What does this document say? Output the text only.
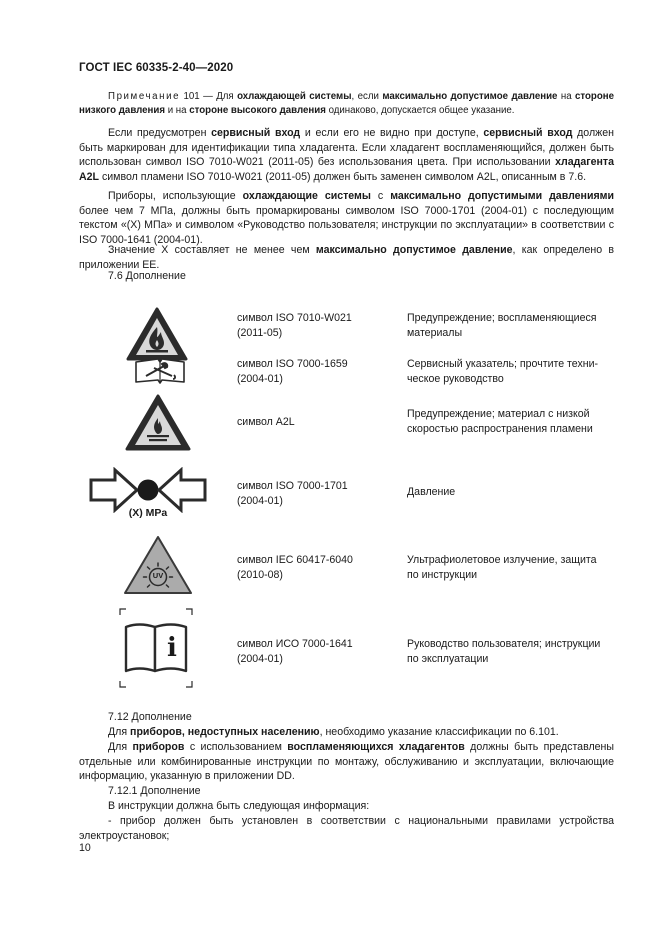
ГОСТ IEC 60335-2-40—2020

Примечание 101 — Для охлаждающей системы, если максимально допустимое давление на стороне низкого давления и на стороне высокого давления одинаково, допускается общее указание.

Если предусмотрен сервисный вход и если его не видно при доступе, сервисный вход должен быть маркирован для идентификации типа хладагента. Если хладагент воспламеняющийся, должен быть использован символ ISO 7010-W021 (2011-05) без использования цвета. При использовании хладагента A2L символ пламени ISO 7010-W021 (2011-05) должен быть заменен символом A2L, описанным в 7.6.

Приборы, использующие охлаждающие системы с максимально допустимыми давлениями более чем 7 МПа, должны быть промаркированы символом ISO 7000-1701 (2004-01) с последующим текстом «(X) МПа» и символом «Руководство пользователя; инструкции по эксплуатации» в соответствии с ISO 7000-1641 (2004-01).

Значение X составляет не менее чем максимально допустимое давление, как определено в приложении ЕЕ.

7.6 Дополнение

символ ISO 7010-W021
(2011-05)
Предупреждение; воспламеняющиеся
материалы
символ ISO 7000-1659
(2004-01)
Сервисный указатель; прочтите техни-
ческое руководство
символ A2L
Предупреждение; материал с низкой
скоростью распространения пламени
(X) MPa
символ ISO 7000-1701
(2004-01)
Давление
UV
символ IEC 60417-6040
(2010-08)
Ультрафиолетовое излучение, защита
по инструкции
i	символ ИСО 7000-1641
(2004-01)
Руководство пользователя; инструкции
по эксплуатации

7.12 Дополнение

Для приборов, недоступных населению, необходимо указание классификации по 6.101.

Для приборов с использованием воспламеняющихся хладагентов должны быть представлены отдельные или комбинированные инструкции по монтажу, обслуживанию и эксплуатации, включающие информацию, указанную в приложении DD.

7.12.1 Дополнение

В инструкции должна быть следующая информация:

- прибор должен быть установлен в соответствии с национальными правилами устройства электроустановок;

10
